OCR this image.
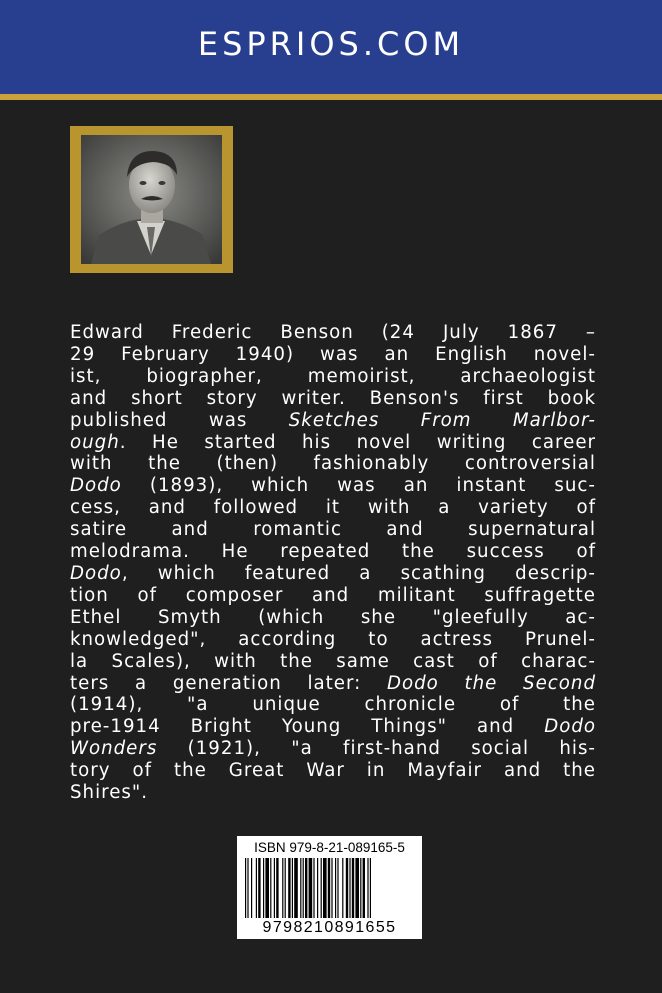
ESPRIOS.COM
Edward Frederic Benson (24 July 1867 –
29 February 1940) was an English novel-
ist, biographer, memoirist, archaeologist
and short story writer. Benson's first book
published was Sketches From Marlbor-
ough. He started his novel writing career
with the (then) fashionably controversial
Dodo (1893), which was an instant suc-
cess, and followed it with a variety of
satire and romantic and supernatural
melodrama. He repeated the success of
Dodo, which featured a scathing descrip-
tion of composer and militant suffragette
Ethel Smyth (which she "gleefully ac-
knowledged", according to actress Prunel-
la Scales), with the same cast of charac-
ters a generation later: Dodo the Second
(1914), "a unique chronicle of the
pre-1914 Bright Young Things" and Dodo
Wonders (1921), "a first-hand social his-
tory of the Great War in Mayfair and the
Shires".
ISBN 979-8-21-089165-5
9798210891655
